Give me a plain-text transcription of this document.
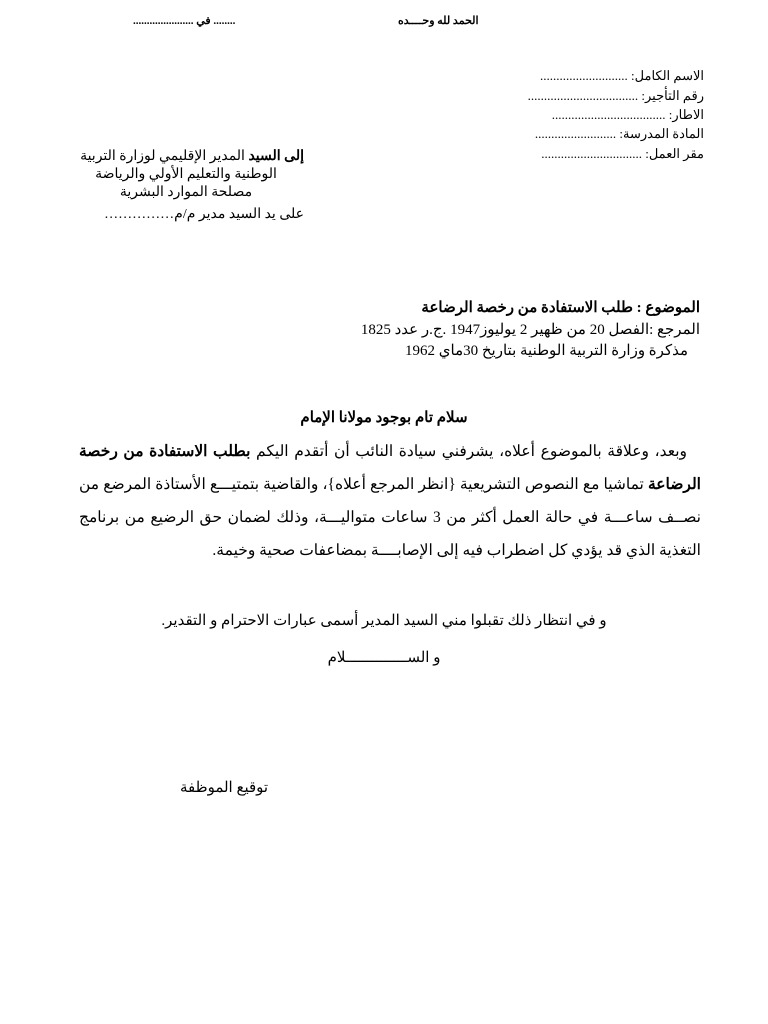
الحمد لله وحــــده
........ في ......................
الاسم الكامل: ...........................
رقم التأجير: ..................................
الاطار: ...................................
المادة المدرسة: .........................
مقر العمل: ...............................
إلى السيد المدير الإقليمي لوزارة التربية
الوطنية والتعليم الأولي والرياضة
مصلحة الموارد البشرية
على يد السيد مدير م/م……………
الموضوع : طلب الاستفادة من رخصة الرضاعة
المرجع :الفصل 20 من ظهير 2 يوليوز1947 .ج.ر عدد 1825
مذكرة وزارة التربية الوطنية بتاريخ 30ماي 1962
سلام تام بوجود مولانا الإمام
وبعد، وعلاقة بالموضوع أعلاه، يشرفني سيادة النائب أن أتقدم اليكم بطلب الاستفادة من رخصة الرضاعة تماشيا مع النصوص التشريعية {انظر المرجع أعلاه}، والقاضية بتمتيـــع الأستاذة المرضع من نصــف ساعـــة في حالة العمل أكثر من 3 ساعات متواليـــة، وذلك لضمان حق الرضيع من برنامج التغذية الذي قد يؤدي كل اضطراب فيه إلى الإصابــــة بمضاعفات صحية وخيمة.
و في انتظار ذلك تقبلوا مني السيد المدير أسمى عبارات الاحترام و التقدير.
و الســــــــــــــلام
توقيع الموظفة
